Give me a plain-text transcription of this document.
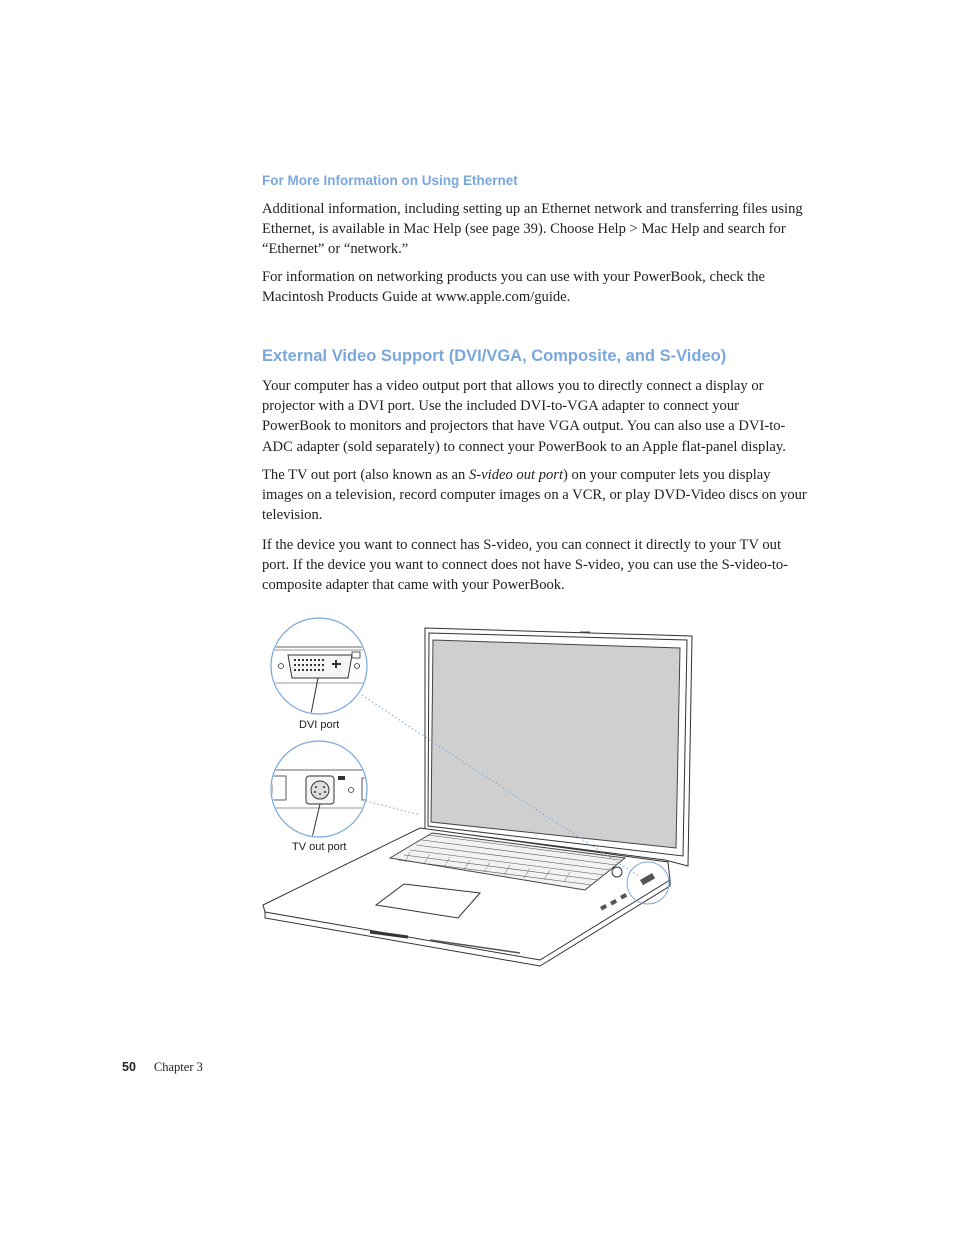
For More Information on Using Ethernet

Additional information, including setting up an Ethernet network and transferring files using Ethernet, is available in Mac Help (see page 39). Choose Help > Mac Help and search for “Ethernet” or “network.”

For information on networking products you can use with your PowerBook, check the Macintosh Products Guide at www.apple.com/guide.

External Video Support (DVI/VGA, Composite, and S-Video)

Your computer has a video output port that allows you to directly connect a display or projector with a DVI port. Use the included DVI-to-VGA adapter to connect your PowerBook to monitors and projectors that have VGA output. You can also use a DVI-to-ADC adapter (sold separately) to connect your PowerBook to an Apple flat-panel display.

The TV out port (also known as an S-video out port) on your computer lets you display images on a television, record computer images on a VCR, or play DVD-Video discs on your television.

If the device you want to connect has S-video, you can connect it directly to your TV out port. If the device you want to connect does not have S-video, you can use the S-video-to-composite adapter that came with your PowerBook.

DVI port
TV out port
50 Chapter 3
